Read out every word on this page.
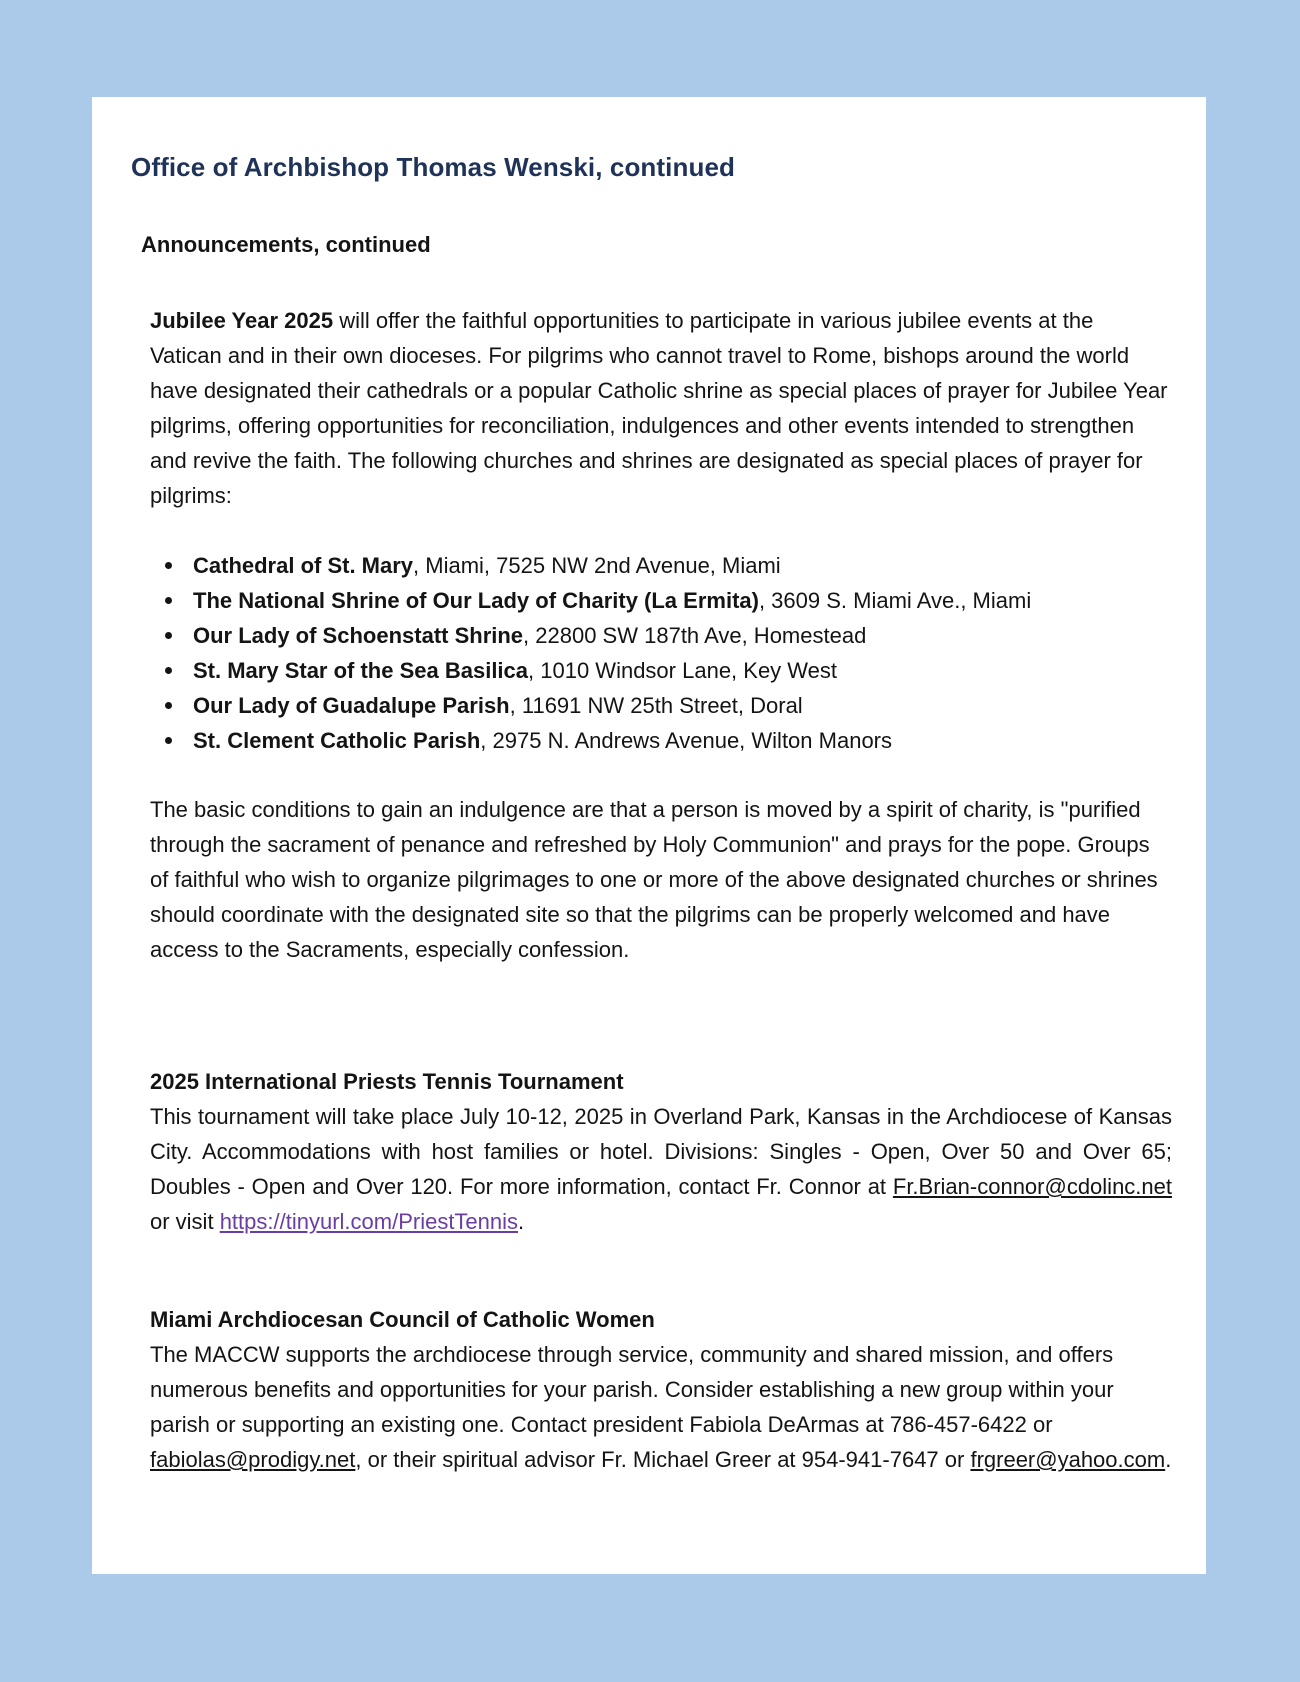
Office of Archbishop Thomas Wenski, continued
Announcements, continued

Jubilee Year 2025 will offer the faithful opportunities to participate in various jubilee events at the Vatican and in their own dioceses. For pilgrims who cannot travel to Rome, bishops around the world have designated their cathedrals or a popular Catholic shrine as special places of prayer for Jubilee Year pilgrims, offering opportunities for reconciliation, indulgences and other events intended to strengthen and revive the faith. The following churches and shrines are designated as special places of prayer for pilgrims:

Cathedral of St. Mary, Miami, 7525 NW 2nd Avenue, Miami
The National Shrine of Our Lady of Charity (La Ermita), 3609 S. Miami Ave., Miami
Our Lady of Schoenstatt Shrine, 22800 SW 187th Ave, Homestead
St. Mary Star of the Sea Basilica, 1010 Windsor Lane, Key West
Our Lady of Guadalupe Parish, 11691 NW 25th Street, Doral
St. Clement Catholic Parish, 2975 N. Andrews Avenue, Wilton Manors

The basic conditions to gain an indulgence are that a person is moved by a spirit of charity, is "purified through the sacrament of penance and refreshed by Holy Communion" and prays for the pope. Groups of faithful who wish to organize pilgrimages to one or more of the above designated churches or shrines should coordinate with the designated site so that the pilgrims can be properly welcomed and have access to the Sacraments, especially confession.

2025 International Priests Tennis Tournament

This tournament will take place July 10-12, 2025 in Overland Park, Kansas in the Archdiocese of Kansas City. Accommodations with host families or hotel. Divisions: Singles - Open, Over 50 and Over 65; Doubles - Open and Over 120. For more information, contact Fr. Connor at Fr.Brian-connor@cdolinc.net or visit https://tinyurl.com/PriestTennis.

Miami Archdiocesan Council of Catholic Women

The MACCW supports the archdiocese through service, community and shared mission, and offers numerous benefits and opportunities for your parish. Consider establishing a new group within your parish or supporting an existing one. Contact president Fabiola DeArmas at 786-457-6422 or fabiolas@prodigy.net, or their spiritual advisor Fr. Michael Greer at 954-941-7647 or frgreer@yahoo.com.
